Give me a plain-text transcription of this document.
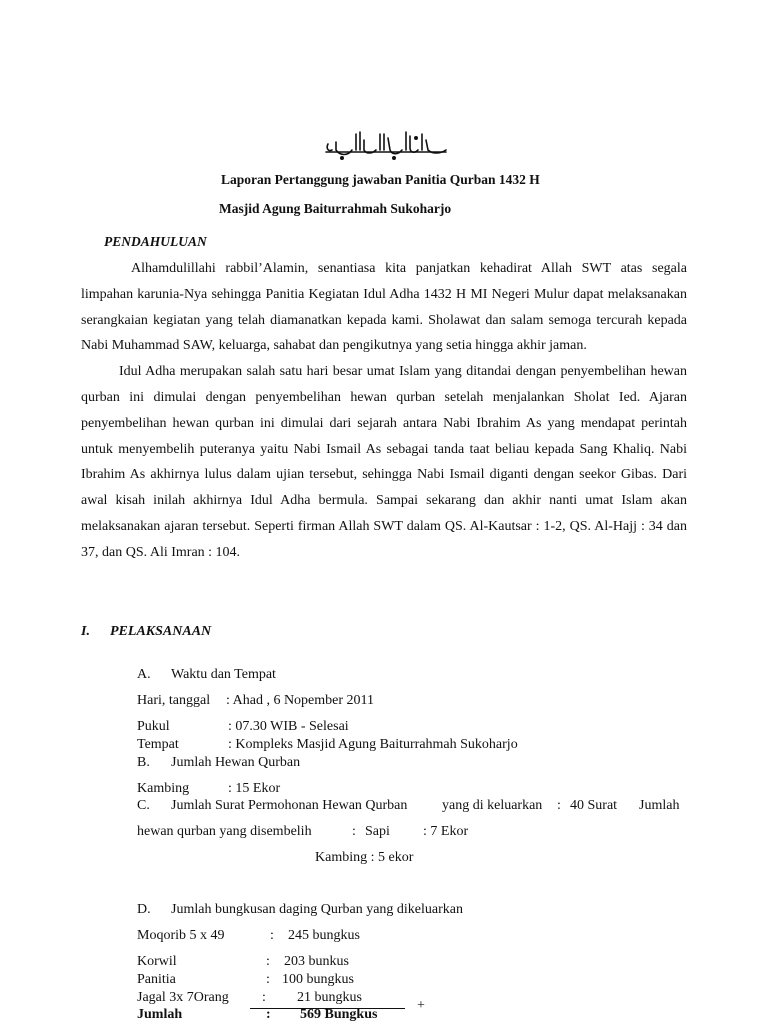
Laporan Pertanggung jawaban Panitia Qurban 1432 H
Masjid Agung Baiturrahmah Sukoharjo
PENDAHULUAN

Alhamdulillahi rabbil’Alamin, senantiasa kita panjatkan kehadirat Allah SWT atas segala limpahan karunia-Nya sehingga Panitia Kegiatan Idul Adha 1432 H MI Negeri Mulur dapat melaksanakan serangkaian kegiatan yang telah diamanatkan kepada kami. Sholawat dan salam semoga tercurah kepada Nabi Muhammad SAW, keluarga, sahabat dan pengikutnya yang setia hingga akhir jaman.

Idul Adha merupakan salah satu hari besar umat Islam yang ditandai dengan penyembelihan hewan qurban ini dimulai dengan penyembelihan hewan qurban setelah menjalankan Sholat Ied. Ajaran penyembelihan hewan qurban ini dimulai dari sejarah antara Nabi Ibrahim As yang mendapat perintah untuk menyembelih puteranya yaitu Nabi Ismail As sebagai tanda taat beliau kepada Sang Khaliq. Nabi Ibrahim As akhirnya lulus dalam ujian tersebut, sehingga Nabi Ismail diganti dengan seekor Gibas. Dari awal kisah inilah akhirnya Idul Adha bermula. Sampai sekarang dan akhir nanti umat Islam akan melaksanakan ajaran tersebut. Seperti firman Allah SWT dalam QS. Al-Kautsar : 1-2, QS. Al-Hajj : 34 dan 37, dan QS. Ali Imran : 104.

I. PELAKSANAAN
A. Waktu dan Tempat
Hari, tanggal : Ahad , 6 Nopember 2011
Pukul	: 07.30 WIB - Selesai
Tempat	: Kompleks Masjid Agung Baiturrahmah Sukoharjo
B. Jumlah Hewan Qurban
Kambing	: 15 Ekor
C. Jumlah Surat Permohonan Hewan Qurban yang di keluarkan : 40 Surat Jumlah
hewan qurban yang disembelih	: Sapi : 7 Ekor
Kambing : 5 ekor
D. Jumlah bungkusan daging Qurban yang dikeluarkan
Moqorib 5 x 49	: 245 bungkus
Korwil	: 203 bunkus
Panitia	: 100 bungkus
Jagal 3x 7Orang : 21 bungkus
+
Jumlah	: 569 Bungkus
